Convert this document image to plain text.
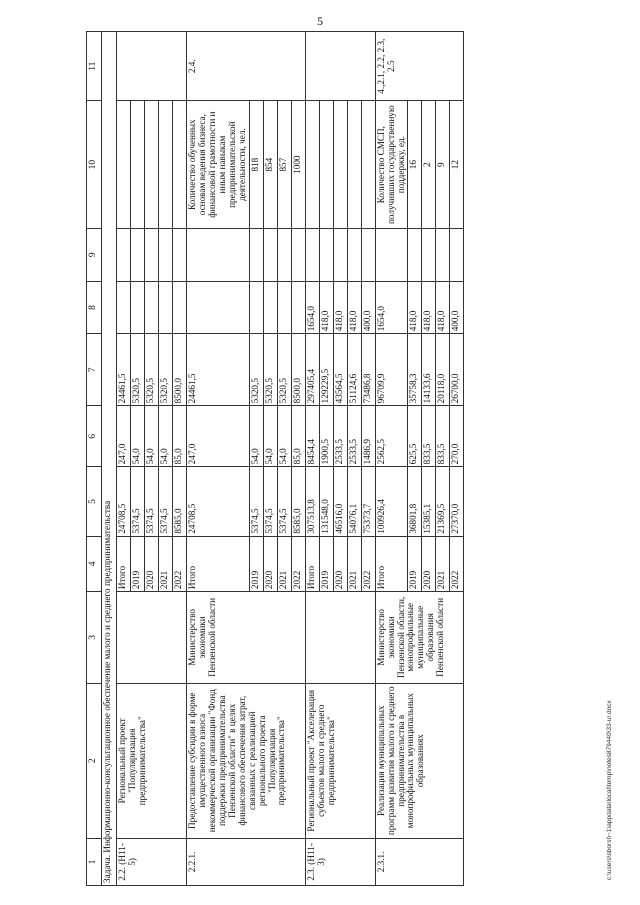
5
1	2	3	4	5	6	7	8	9	10	11
Задача. Информационно-консультационное обеспечение малого и среднего предпринимательства										
2.2. (Н11-5)	Региональный проект "Популяризация предпринимательства"		Итого	24708,5	247,0	24461,5				
			2019	5374,5	54,0	5320,5				
			2020	5374,5	54,0	5320,5				
			2021	5374,5	54,0	5320,5				
			2022	8585,0	85,0	8500,0				
2.2.1.	Предоставление субсидии в форме имущественного взноса некоммерческой организации "Фонд поддержки предпринимательства Пензенской области" в целях финансового обеспечения затрат, связанных с реализацией регионального проекта "Популяризация предпринимательства"	Министерство экономики Пензенской области	Итого	24708,5	247,0	24461,5			Количество обученных основам ведения бизнеса, финансовой грамотности и иным навыкам предпринимательской деятельности, чел.	2.4.
			2019	5374,5	54,0	5320,5			818	
			2020	5374,5	54,0	5320,5			854	
			2021	5374,5	54,0	5320,5			857	
			2022	8585,0	85,0	8500,0			1000	
2.3. (Н11-3)	Региональный проект "Акселерация субъектов малого и среднего предпринимательства"		Итого	307513,8	8454,4	297405,4	1654,0			
			2019	131548,0	1900,5	129229,5	418,0			
			2020	46516,0	2533,5	43564,5	418,0			
			2021	54076,1	2533,5	51124,6	418,0			
			2022	75373,7	1486,9	73486,8	400,0			
2.3.1.	Реализация муниципальных программ развития малого и среднего предпринимательства в монопрофильных муниципальных образованиях	Министерство экономики Пензенской области, монопрофильные муниципальные образования Пензенской области	Итого	100926,4	2562,5	96709,9	1654,0		Количество СМСП, получивших государственную поддержку, ед.	4.,2.1, 2.2, 2.3, 2.5
			2019	36801,8	625,5	35758,3	418,0		16	
			2020	15385,1	833,5	14133,6	418,0		2	
			2021	21369,5	833,5	20118,0	418,0		9	
			2022	27370,0	270,0	26700,0	400,0		12	
c:\users\sborsh~1\appdata\local\temp\notes879440\33-ur.docx
